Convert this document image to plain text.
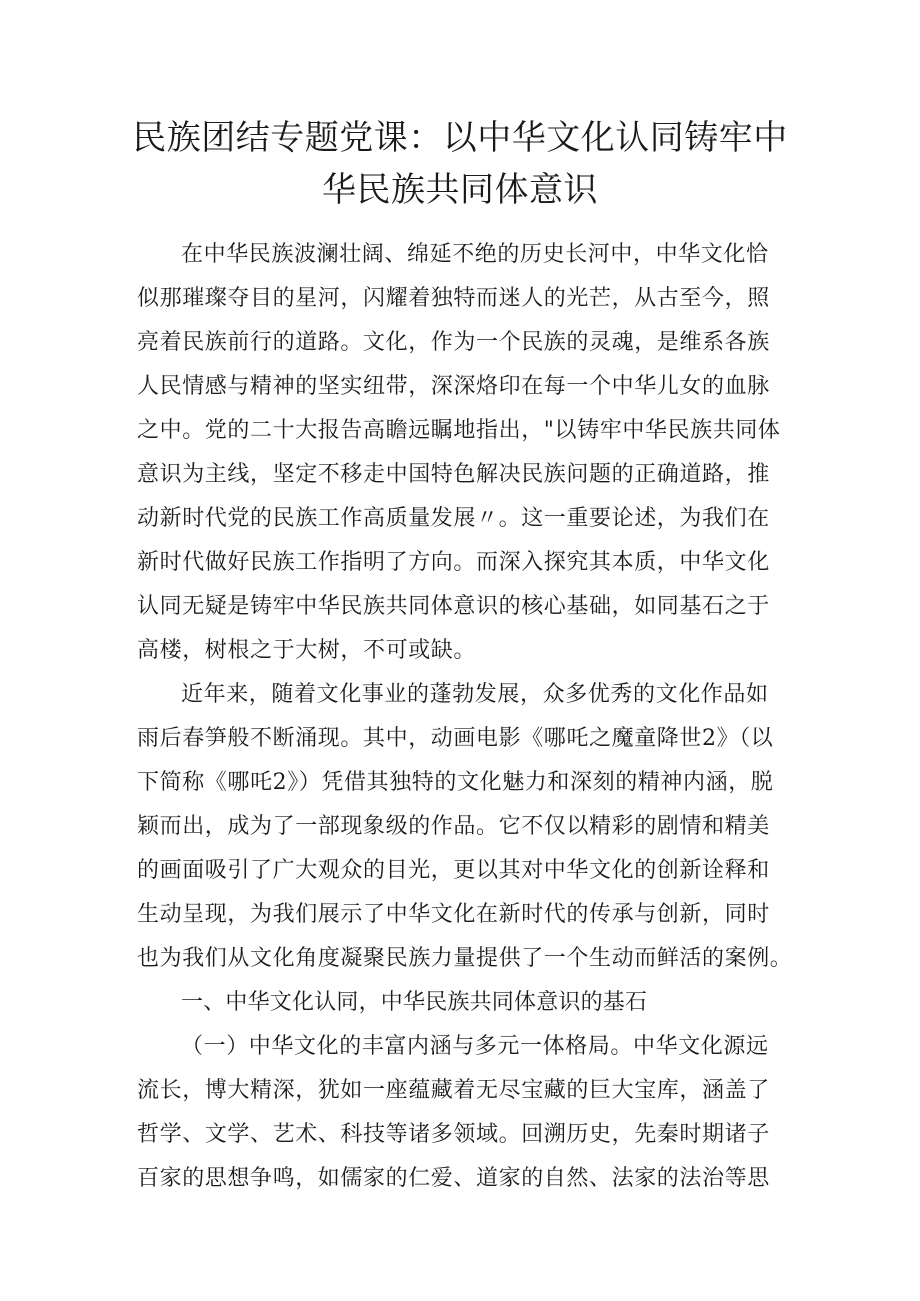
民族团结专题党课：以中华文化认同铸牢中
华民族共同体意识
在中华民族波澜壮阔、绵延不绝的历史长河中，中华文化恰
似那璀璨夺目的星河，闪耀着独特而迷人的光芒，从古至今，照
亮着民族前行的道路。文化，作为一个民族的灵魂，是维系各族
人民情感与精神的坚实纽带，深深烙印在每一个中华儿女的血脉
之中。党的二十大报告高瞻远瞩地指出，"以铸牢中华民族共同体
意识为主线，坚定不移走中国特色解决民族问题的正确道路，推
动新时代党的民族工作高质量发展〃。这一重要论述，为我们在
新时代做好民族工作指明了方向。而深入探究其本质，中华文化
认同无疑是铸牢中华民族共同体意识的核心基础，如同基石之于
高楼，树根之于大树，不可或缺。
近年来，随着文化事业的蓬勃发展，众多优秀的文化作品如
雨后春笋般不断涌现。其中，动画电影《哪吒之魔童降世2》（以
下简称《哪吒2》）凭借其独特的文化魅力和深刻的精神内涵，脱
颖而出，成为了一部现象级的作品。它不仅以精彩的剧情和精美
的画面吸引了广大观众的目光，更以其对中华文化的创新诠释和
生动呈现，为我们展示了中华文化在新时代的传承与创新，同时
也为我们从文化角度凝聚民族力量提供了一个生动而鲜活的案例。
一、中华文化认同，中华民族共同体意识的基石
（一）中华文化的丰富内涵与多元一体格局。中华文化源远
流长，博大精深，犹如一座蕴藏着无尽宝藏的巨大宝库，涵盖了
哲学、文学、艺术、科技等诸多领域。回溯历史，先秦时期诸子
百家的思想争鸣，如儒家的仁爱、道家的自然、法家的法治等思
